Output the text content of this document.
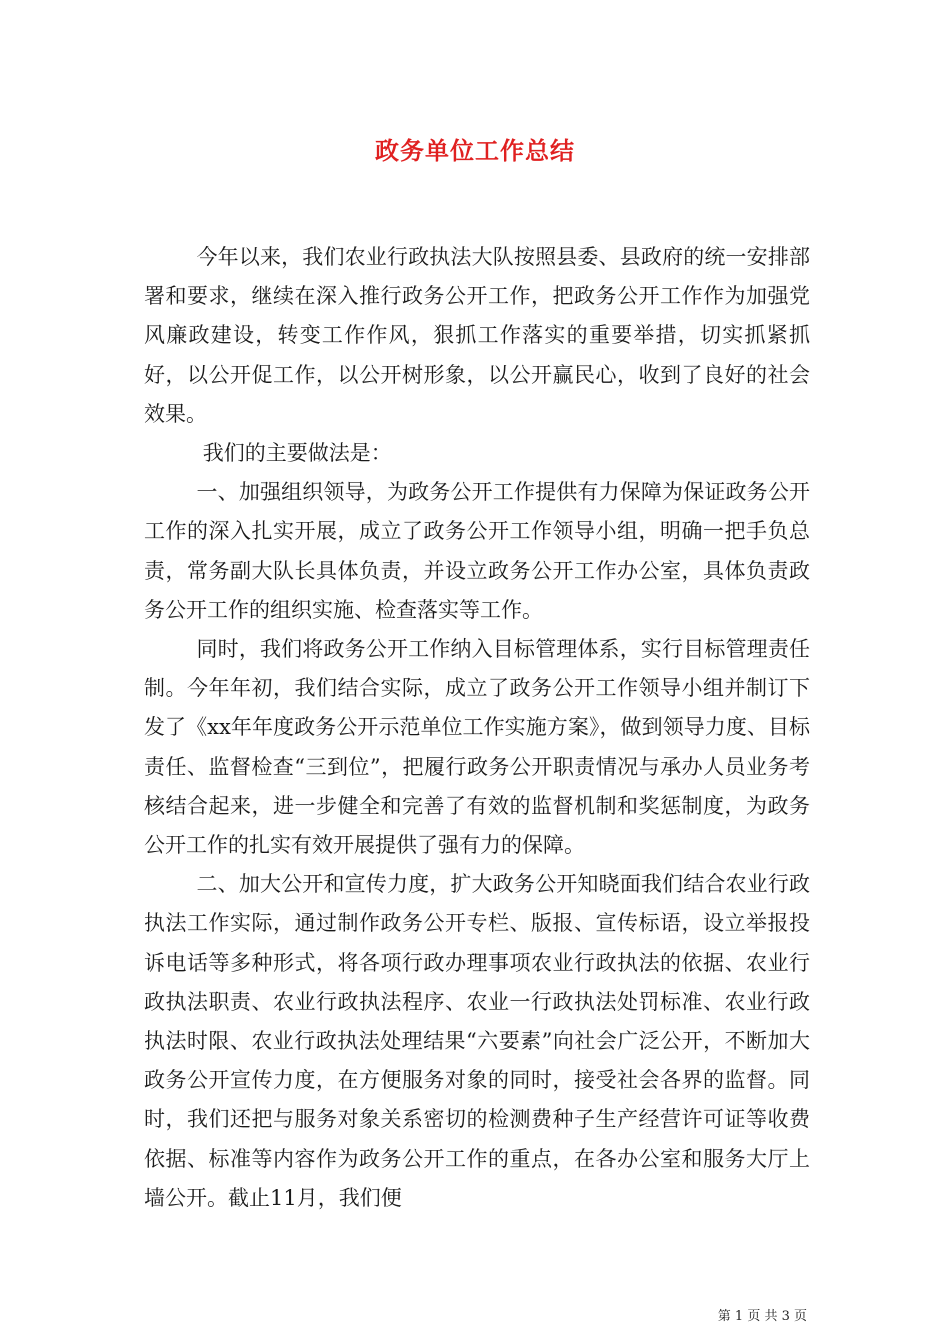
政务单位工作总结

今年以来，我们农业行政执法大队按照县委、县政府的统一安排部署和要求，继续在深入推行政务公开工作，把政务公开工作作为加强党风廉政建设，转变工作作风，狠抓工作落实的重要举措，切实抓紧抓好，以公开促工作，以公开树形象，以公开赢民心，收到了良好的社会效果。

我们的主要做法是：

一、加强组织领导，为政务公开工作提供有力保障为保证政务公开工作的深入扎实开展，成立了政务公开工作领导小组，明确一把手负总责，常务副大队长具体负责，并设立政务公开工作办公室，具体负责政务公开工作的组织实施、检查落实等工作。

同时，我们将政务公开工作纳入目标管理体系，实行目标管理责任制。今年年初，我们结合实际，成立了政务公开工作领导小组并制订下发了《xx年年度政务公开示范单位工作实施方案》，做到领导力度、目标责任、监督检查“三到位”，把履行政务公开职责情况与承办人员业务考核结合起来，进一步健全和完善了有效的监督机制和奖惩制度，为政务公开工作的扎实有效开展提供了强有力的保障。

二、加大公开和宣传力度，扩大政务公开知晓面我们结合农业行政执法工作实际，通过制作政务公开专栏、版报、宣传标语，设立举报投诉电话等多种形式，将各项行政办理事项农业行政执法的依据、农业行政执法职责、农业行政执法程序、农业一行政执法处罚标准、农业行政执法时限、农业行政执法处理结果“六要素”向社会广泛公开，不断加大政务公开宣传力度，在方便服务对象的同时，接受社会各界的监督。同时，我们还把与服务对象关系密切的检测费种子生产经营许可证等收费依据、标准等内容作为政务公开工作的重点，在各办公室和服务大厅上墙公开。截止11月，我们便

第 1 页 共 3 页
